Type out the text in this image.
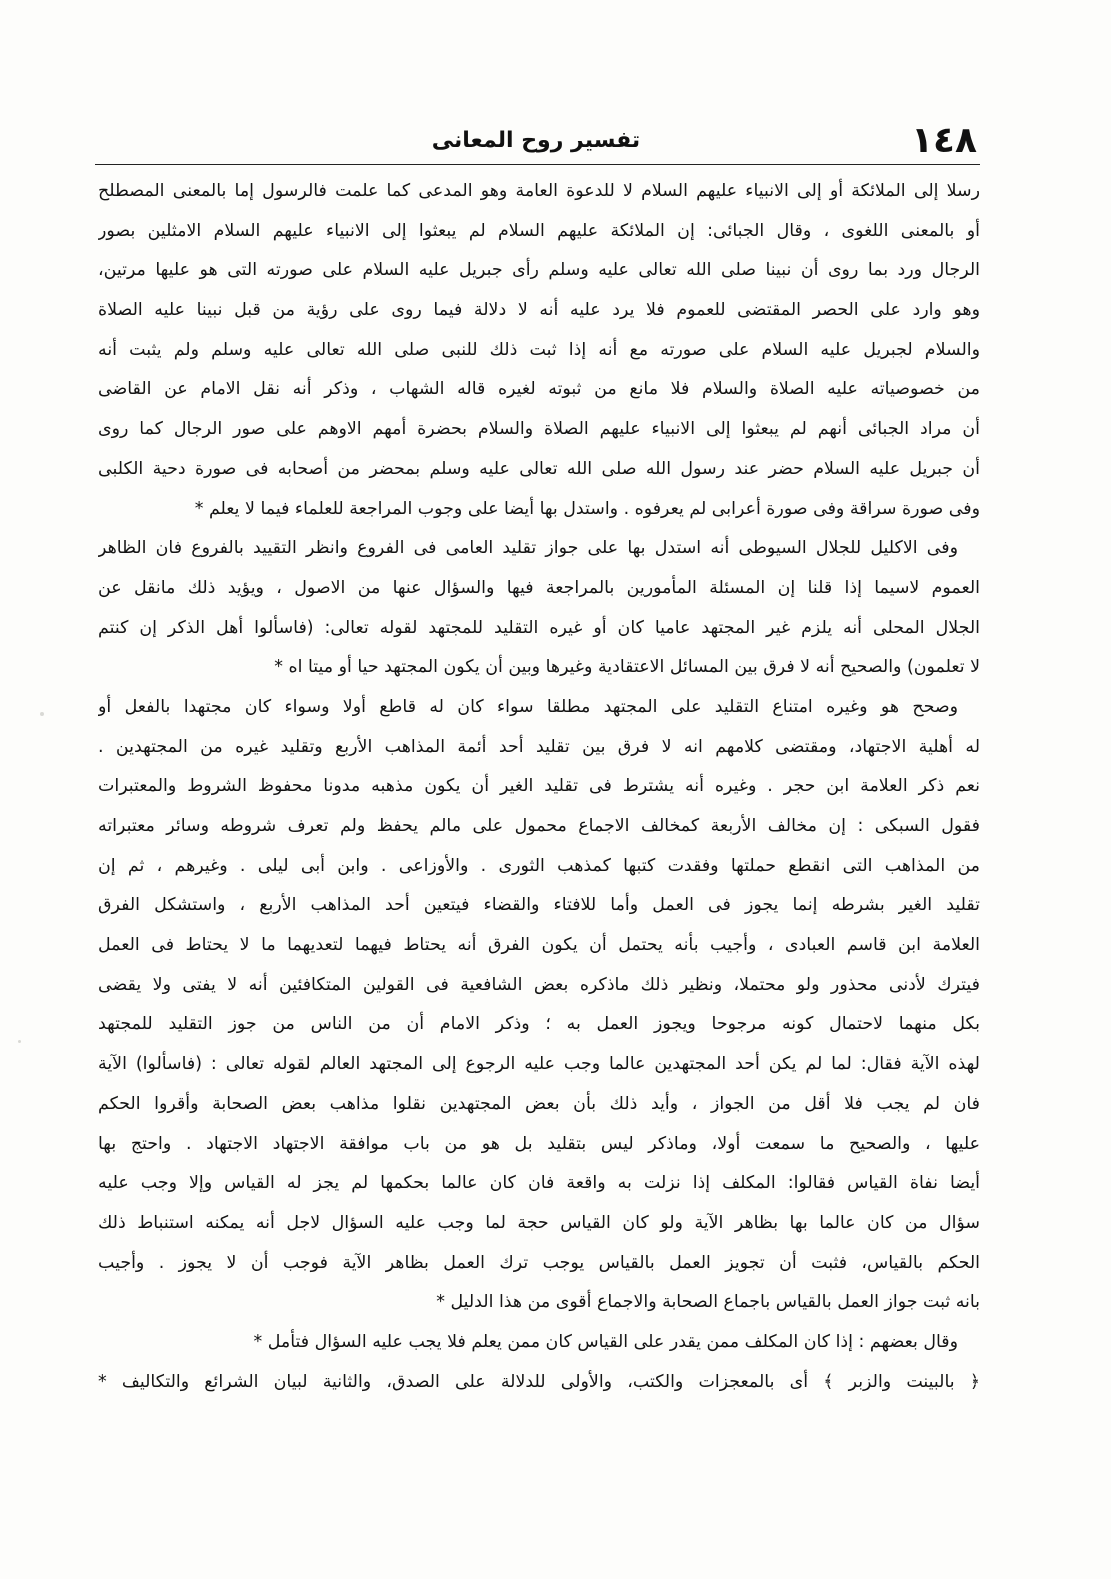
١٤٨
تفسير روح المعانى
رسلا إلى الملائكة أو إلى الانبياء عليهم السلام لا للدعوة العامة وهو المدعى كما علمت فالرسول إما بالمعنى المصطلح
أو بالمعنى اللغوى ، وقال الجبائى: إن الملائكة عليهم السلام لم يبعثوا إلى الانبياء عليهم السلام الامثلين بصور
الرجال ورد بما روى أن نبينا صلى الله تعالى عليه وسلم رأى جبريل عليه السلام على صورته التى هو عليها مرتين،
وهو وارد على الحصر المقتضى للعموم فلا يرد عليه أنه لا دلالة فيما روى على رؤية من قبل نبينا عليه الصلاة
والسلام لجبريل عليه السلام على صورته مع أنه إذا ثبت ذلك للنبى صلى الله تعالى عليه وسلم ولم يثبت أنه
من خصوصياته عليه الصلاة والسلام فلا مانع من ثبوته لغيره قاله الشهاب ، وذكر أنه نقل الامام عن القاضى
أن مراد الجبائى أنهم لم يبعثوا إلى الانبياء عليهم الصلاة والسلام بحضرة أمهم الاوهم على صور الرجال كما روى
أن جبريل عليه السلام حضر عند رسول الله صلى الله تعالى عليه وسلم بمحضر من أصحابه فى صورة دحية الكلبى
وفى صورة سراقة وفى صورة أعرابى لم يعرفوه . واستدل بها أيضا على وجوب المراجعة للعلماء فيما لا يعلم *
وفى الاكليل للجلال السيوطى أنه استدل بها على جواز تقليد العامى فى الفروع وانظر التقييد بالفروع فان الظاهر
العموم لاسيما إذا قلنا إن المسئلة المأمورين بالمراجعة فيها والسؤال عنها من الاصول ، ويؤيد ذلك مانقل عن
الجلال المحلى أنه يلزم غير المجتهد عاميا كان أو غيره التقليد للمجتهد لقوله تعالى: (فاسألوا أهل الذكر إن كنتم
لا تعلمون) والصحيح أنه لا فرق بين المسائل الاعتقادية وغيرها وبين أن يكون المجتهد حيا أو ميتا اه *
وصحح هو وغيره امتناع التقليد على المجتهد مطلقا سواء كان له قاطع أولا وسواء كان مجتهدا بالفعل أو
له أهلية الاجتهاد، ومقتضى كلامهم انه لا فرق بين تقليد أحد أئمة المذاهب الأربع وتقليد غيره من المجتهدين .
نعم ذكر العلامة ابن حجر . وغيره أنه يشترط فى تقليد الغير أن يكون مذهبه مدونا محفوظ الشروط والمعتبرات
فقول السبكى : إن مخالف الأربعة كمخالف الاجماع محمول على مالم يحفظ ولم تعرف شروطه وسائر معتبراته
من المذاهب التى انقطع حملتها وفقدت كتبها كمذهب الثورى . والأوزاعى . وابن أبى ليلى . وغيرهم ، ثم إن
تقليد الغير بشرطه إنما يجوز فى العمل وأما للافتاء والقضاء فيتعين أحد المذاهب الأربع ، واستشكل الفرق
العلامة ابن قاسم العبادى ، وأجيب بأنه يحتمل أن يكون الفرق أنه يحتاط فيهما لتعديهما ما لا يحتاط فى العمل
فيترك لأدنى محذور ولو محتملا، ونظير ذلك ماذكره بعض الشافعية فى القولين المتكافئين أنه لا يفتى ولا يقضى
بكل منهما لاحتمال كونه مرجوحا ويجوز العمل به ؛ وذكر الامام أن من الناس من جوز التقليد للمجتهد
لهذه الآية فقال: لما لم يكن أحد المجتهدين عالما وجب عليه الرجوع إلى المجتهد العالم لقوله تعالى : (فاسألوا) الآية
فان لم يجب فلا أقل من الجواز ، وأيد ذلك بأن بعض المجتهدين نقلوا مذاهب بعض الصحابة وأقروا الحكم
عليها ، والصحيح ما سمعت أولا، وماذكر ليس بتقليد بل هو من باب موافقة الاجتهاد الاجتهاد . واحتج بها
أيضا نفاة القياس فقالوا: المكلف إذا نزلت به واقعة فان كان عالما بحكمها لم يجز له القياس وإلا وجب عليه
سؤال من كان عالما بها بظاهر الآية ولو كان القياس حجة لما وجب عليه السؤال لاجل أنه يمكنه استنباط ذلك
الحكم بالقياس، فثبت أن تجويز العمل بالقياس يوجب ترك العمل بظاهر الآية فوجب أن لا يجوز . وأجيب
بانه ثبت جواز العمل بالقياس باجماع الصحابة والاجماع أقوى من هذا الدليل *
وقال بعضهم : إذا كان المكلف ممن يقدر على القياس كان ممن يعلم فلا يجب عليه السؤال فتأمل *
﴿ بالبينت والزبر ﴾ أى بالمعجزات والكتب، والأولى للدلالة على الصدق، والثانية لبيان الشرائع والتكاليف *
